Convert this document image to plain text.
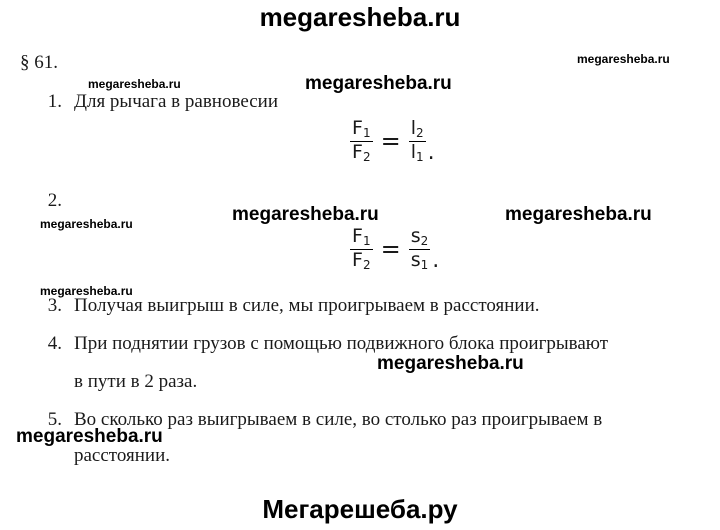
megaresheba.ru
megaresheba.ru
megaresheba.ru	megaresheba.ru
megaresheba.ru	megaresheba.ru	megaresheba.ru
megaresheba.ru
megaresheba.ru
megaresheba.ru
Мегарешеба.ру
§ 61.
1. Для рычага в равновесии
$\frac{F_1}{F_2} = \frac{l_2}{l_1}$ .
2.
$\frac{F_1}{F_2} = \frac{s_2}{s_1}$ .
3. Получая выигрыш в силе, мы проигрываем в расстоянии.
4. При поднятии грузов с помощью подвижного блока проигрывают
в пути в 2 раза.
5. Во сколько раз выигрываем в силе, во столько раз проигрываем в
расстоянии.
